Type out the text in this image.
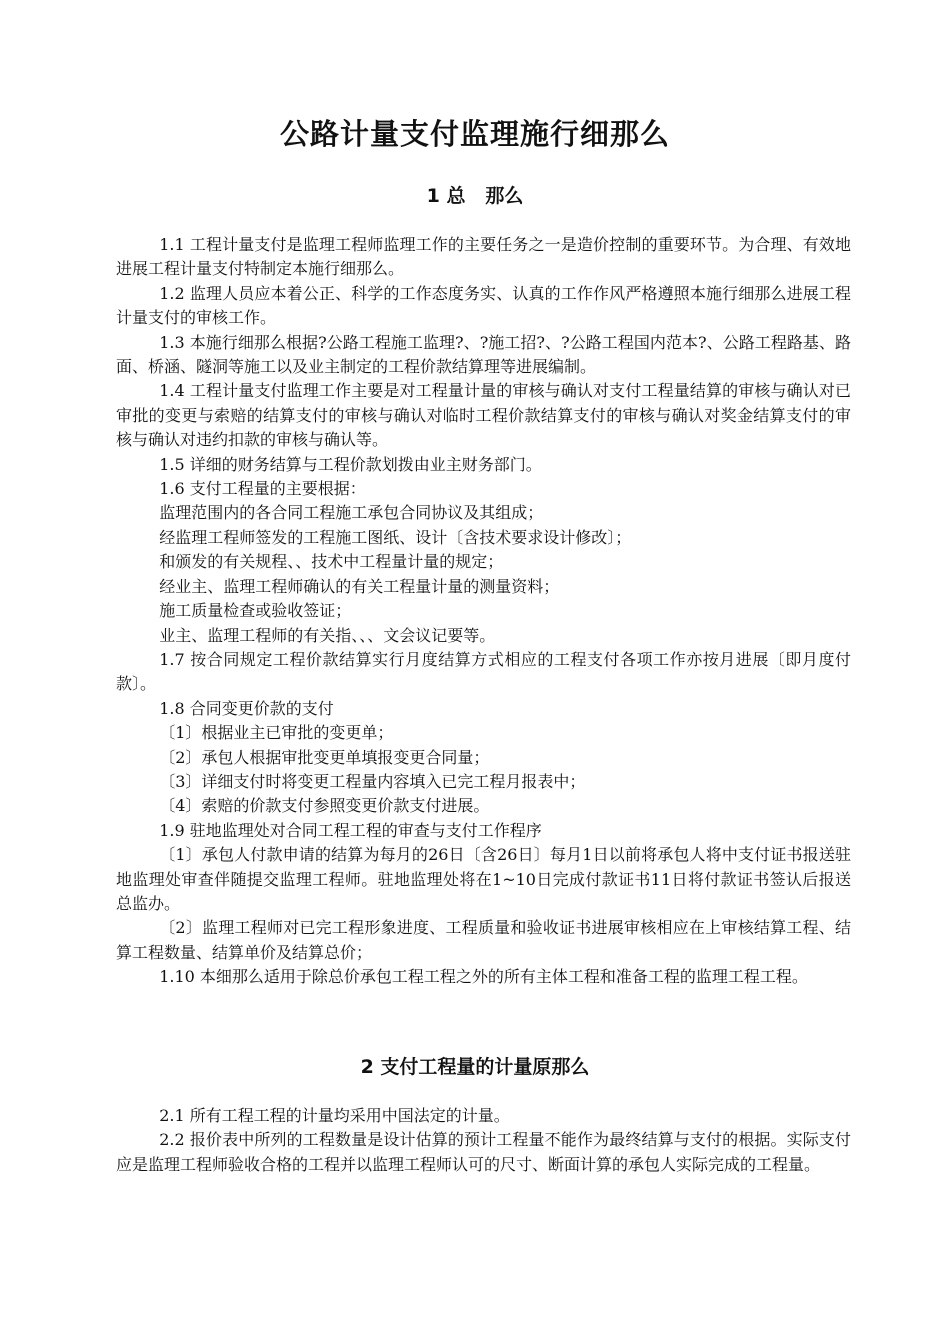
公路计量支付监理施行细那么
1 总   那么

1.1 工程计量支付是监理工程师监理工作的主要任务之一是造价控制的重要环节。为合理、有效地进展工程计量支付特制定本施行细那么。

1.2 监理人员应本着公正、科学的工作态度务实、认真的工作作风严格遵照本施行细那么进展工程计量支付的审核工作。

1.3 本施行细那么根据?公路工程施工监理?、?施工招?、?公路工程国内范本?、公路工程路基、路面、桥涵、隧洞等施工以及业主制定的工程价款结算理等进展编制。

1.4 工程计量支付监理工作主要是对工程量计量的审核与确认对支付工程量结算的审核与确认对已审批的变更与索赔的结算支付的审核与确认对临时工程价款结算支付的审核与确认对奖金结算支付的审核与确认对违约扣款的审核与确认等。

1.5 详细的财务结算与工程价款划拨由业主财务部门。

1.6 支付工程量的主要根据：

监理范围内的各合同工程施工承包合同协议及其组成；

经监理工程师签发的工程施工图纸、设计〔含技术要求设计修改〕；

和颁发的有关规程、、技术中工程量计量的规定；

经业主、监理工程师确认的有关工程量计量的测量资料；

施工质量检查或验收签证；

业主、监理工程师的有关指、、、文会议记要等。

1.7 按合同规定工程价款结算实行月度结算方式相应的工程支付各项工作亦按月进展〔即月度付款〕。

1.8 合同变更价款的支付

〔1〕根据业主已审批的变更单；

〔2〕承包人根据审批变更单填报变更合同量；

〔3〕详细支付时将变更工程量内容填入已完工程月报表中；

〔4〕索赔的价款支付参照变更价款支付进展。

1.9 驻地监理处对合同工程工程的审查与支付工作程序

〔1〕承包人付款申请的结算为每月的26日〔含26日〕每月1日以前将承包人将中支付证书报送驻地监理处审查伴随提交监理工程师。驻地监理处将在1~10日完成付款证书11日将付款证书签认后报送总监办。

〔2〕监理工程师对已完工程形象进度、工程质量和验收证书进展审核相应在上审核结算工程、结算工程数量、结算单价及结算总价；

1.10 本细那么适用于除总价承包工程工程之外的所有主体工程和准备工程的监理工程工程。

2 支付工程量的计量原那么

2.1 所有工程工程的计量均采用中国法定的计量。

2.2 报价表中所列的工程数量是设计估算的预计工程量不能作为最终结算与支付的根据。实际支付应是监理工程师验收合格的工程并以监理工程师认可的尺寸、断面计算的承包人实际完成的工程量。
